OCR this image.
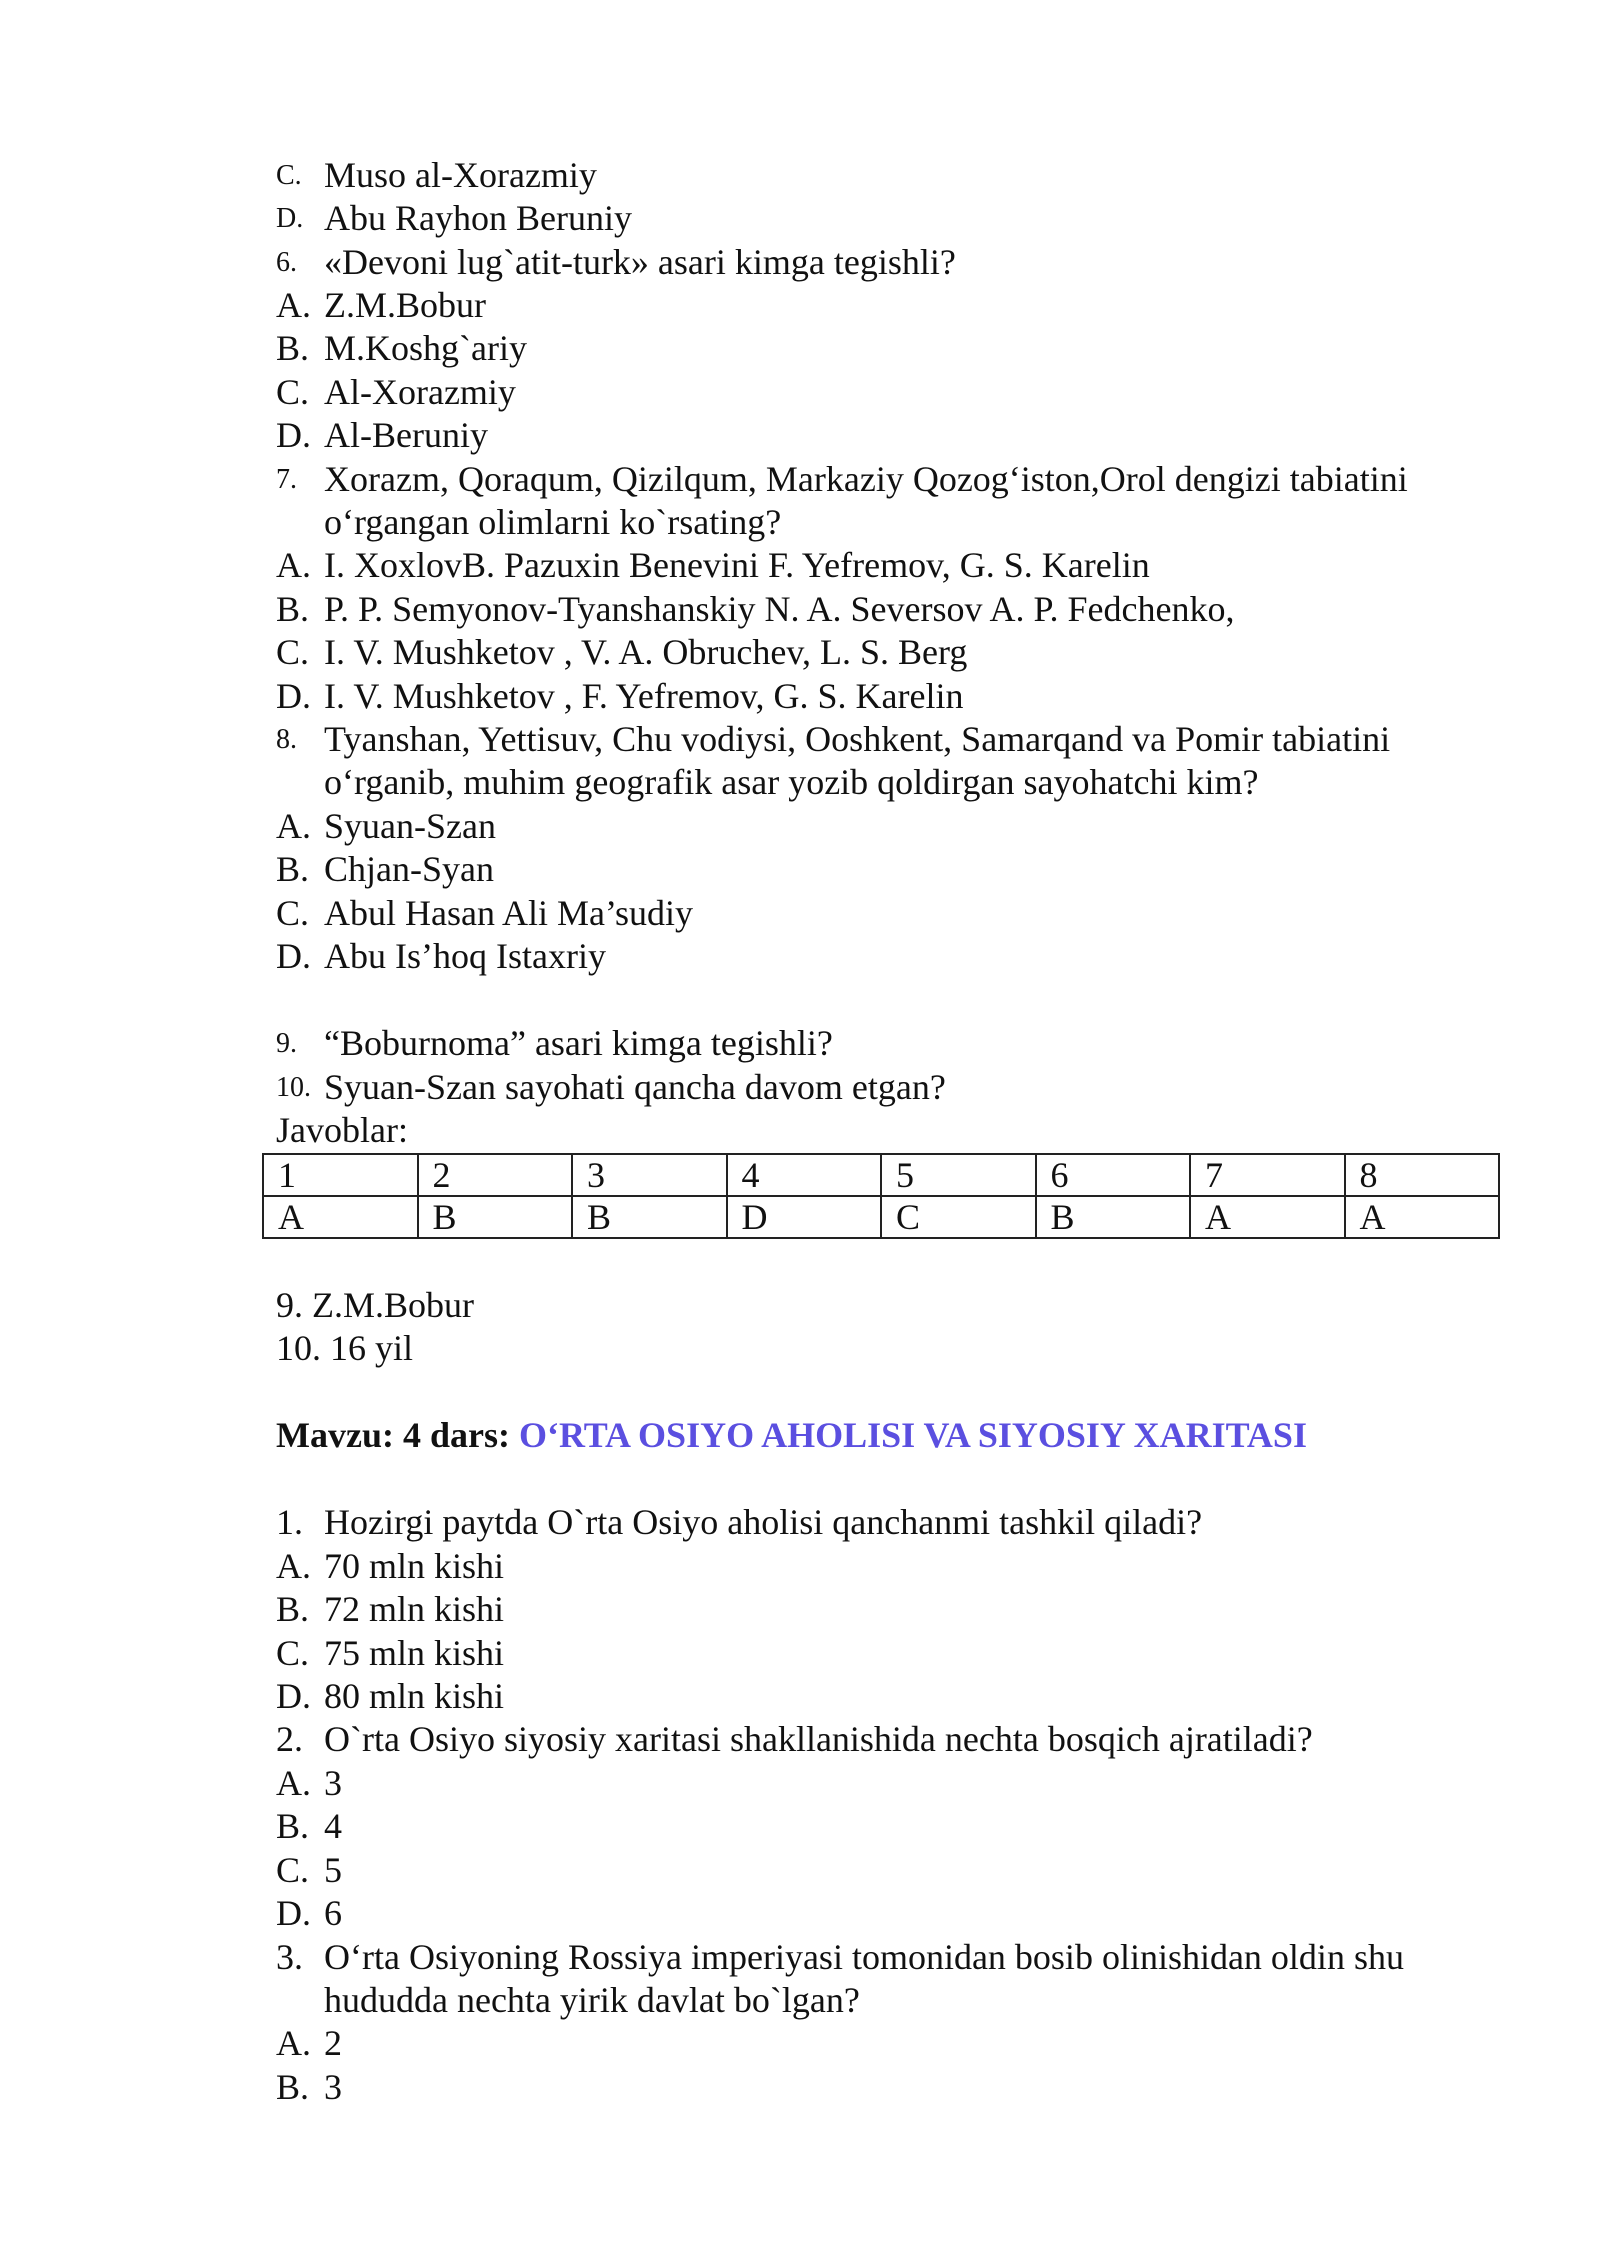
C. Muso al-Xorazmiy
D. Abu Rayhon Beruniy
6. «Devoni lug`atit-turk» asari kimga tegishli?
A. Z.M.Bobur
B. M.Koshg`ariy
C. Al-Xorazmiy
D. Al-Beruniy
7. Xorazm, Qoraqum, Qizilqum, Markaziy Qozog‘iston,Orol dengizi tabiatini
o‘rgangan olimlarni ko`rsating?
A. I. XoxlovB. Pazuxin Benevini F. Yefremov, G. S. Karelin
B. P. P. Semyonov-Tyanshanskiy N. A. Seversov A. P. Fedchenko,
C. I. V. Mushketov , V. A. Obruchev, L. S. Berg
D. I. V. Mushketov , F. Yefremov, G. S. Karelin
8. Tyanshan, Yettisuv, Chu vodiysi, Ooshkent, Samarqand va Pomir tabiatini
o‘rganib, muhim geografik asar yozib qoldirgan sayohatchi kim?
A. Syuan-Szan
B. Chjan-Syan
C. Abul Hasan Ali Ma’sudiy
D. Abu Is’hoq Istaxriy
9. “Boburnoma” asari kimga tegishli?
10. Syuan-Szan sayohati qancha davom etgan?
Javoblar:
1	2	3	4	5	6	7	8
A	B	B	D	C	B	A	A
9. Z.M.Bobur
10. 16 yil
Mavzu: 4 dars: O‘RTA OSIYO AHOLISI VA SIYOSIY XARITASI
1. Hozirgi paytda O`rta Osiyo aholisi qanchanmi tashkil qiladi?
A. 70 mln kishi
B. 72 mln kishi
C. 75 mln kishi
D. 80 mln kishi
2. O`rta Osiyo siyosiy xaritasi shakllanishida nechta bosqich ajratiladi?
A. 3
B. 4
C. 5
D. 6
3. O‘rta Osiyoning Rossiya imperiyasi tomonidan bosib olinishidan oldin shu
hududda nechta yirik davlat bo`lgan?
A. 2
B. 3
